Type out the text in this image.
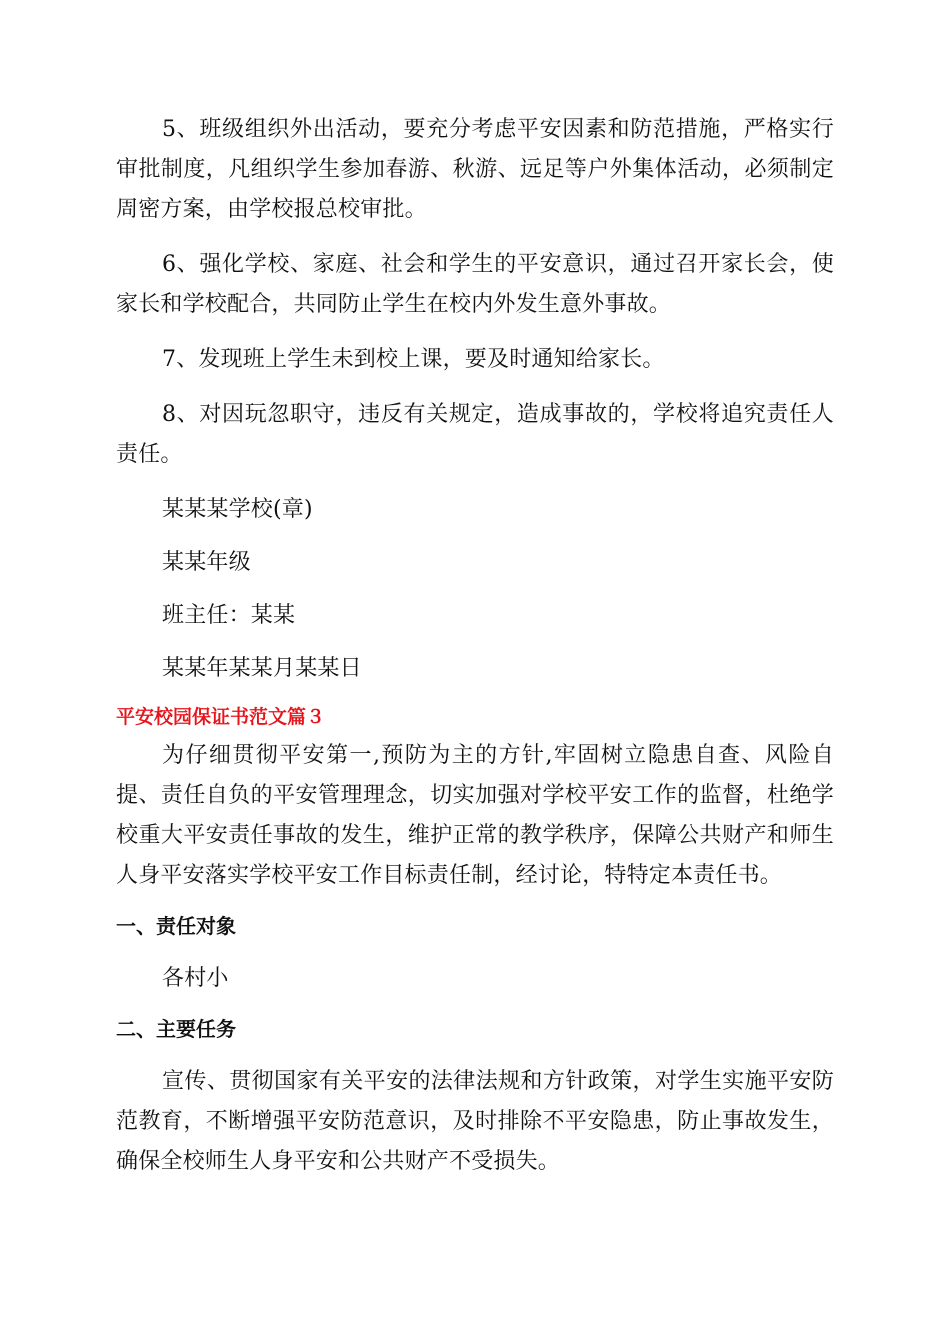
5、班级组织外出活动，要充分考虑平安因素和防范措施，严格实行审批制度，凡组织学生参加春游、秋游、远足等户外集体活动，必须制定周密方案，由学校报总校审批。

6、强化学校、家庭、社会和学生的平安意识，通过召开家长会，使家长和学校配合，共同防止学生在校内外发生意外事故。

7、发现班上学生未到校上课，要及时通知给家长。

8、对因玩忽职守，违反有关规定，造成事故的，学校将追究责任人责任。

某某某学校(章)

某某年级

班主任：某某

某某年某某月某某日

平安校园保证书范文篇３

为仔细贯彻平安第一,预防为主的方针,牢固树立隐患自查、风险自提、责任自负的平安管理理念，切实加强对学校平安工作的监督，杜绝学校重大平安责任事故的发生，维护正常的教学秩序，保障公共财产和师生人身平安落实学校平安工作目标责任制，经讨论，特特定本责任书。

一、责任对象

各村小

二、主要任务

宣传、贯彻国家有关平安的法律法规和方针政策，对学生实施平安防范教育，不断增强平安防范意识，及时排除不平安隐患，防止事故发生，确保全校师生人身平安和公共财产不受损失。
